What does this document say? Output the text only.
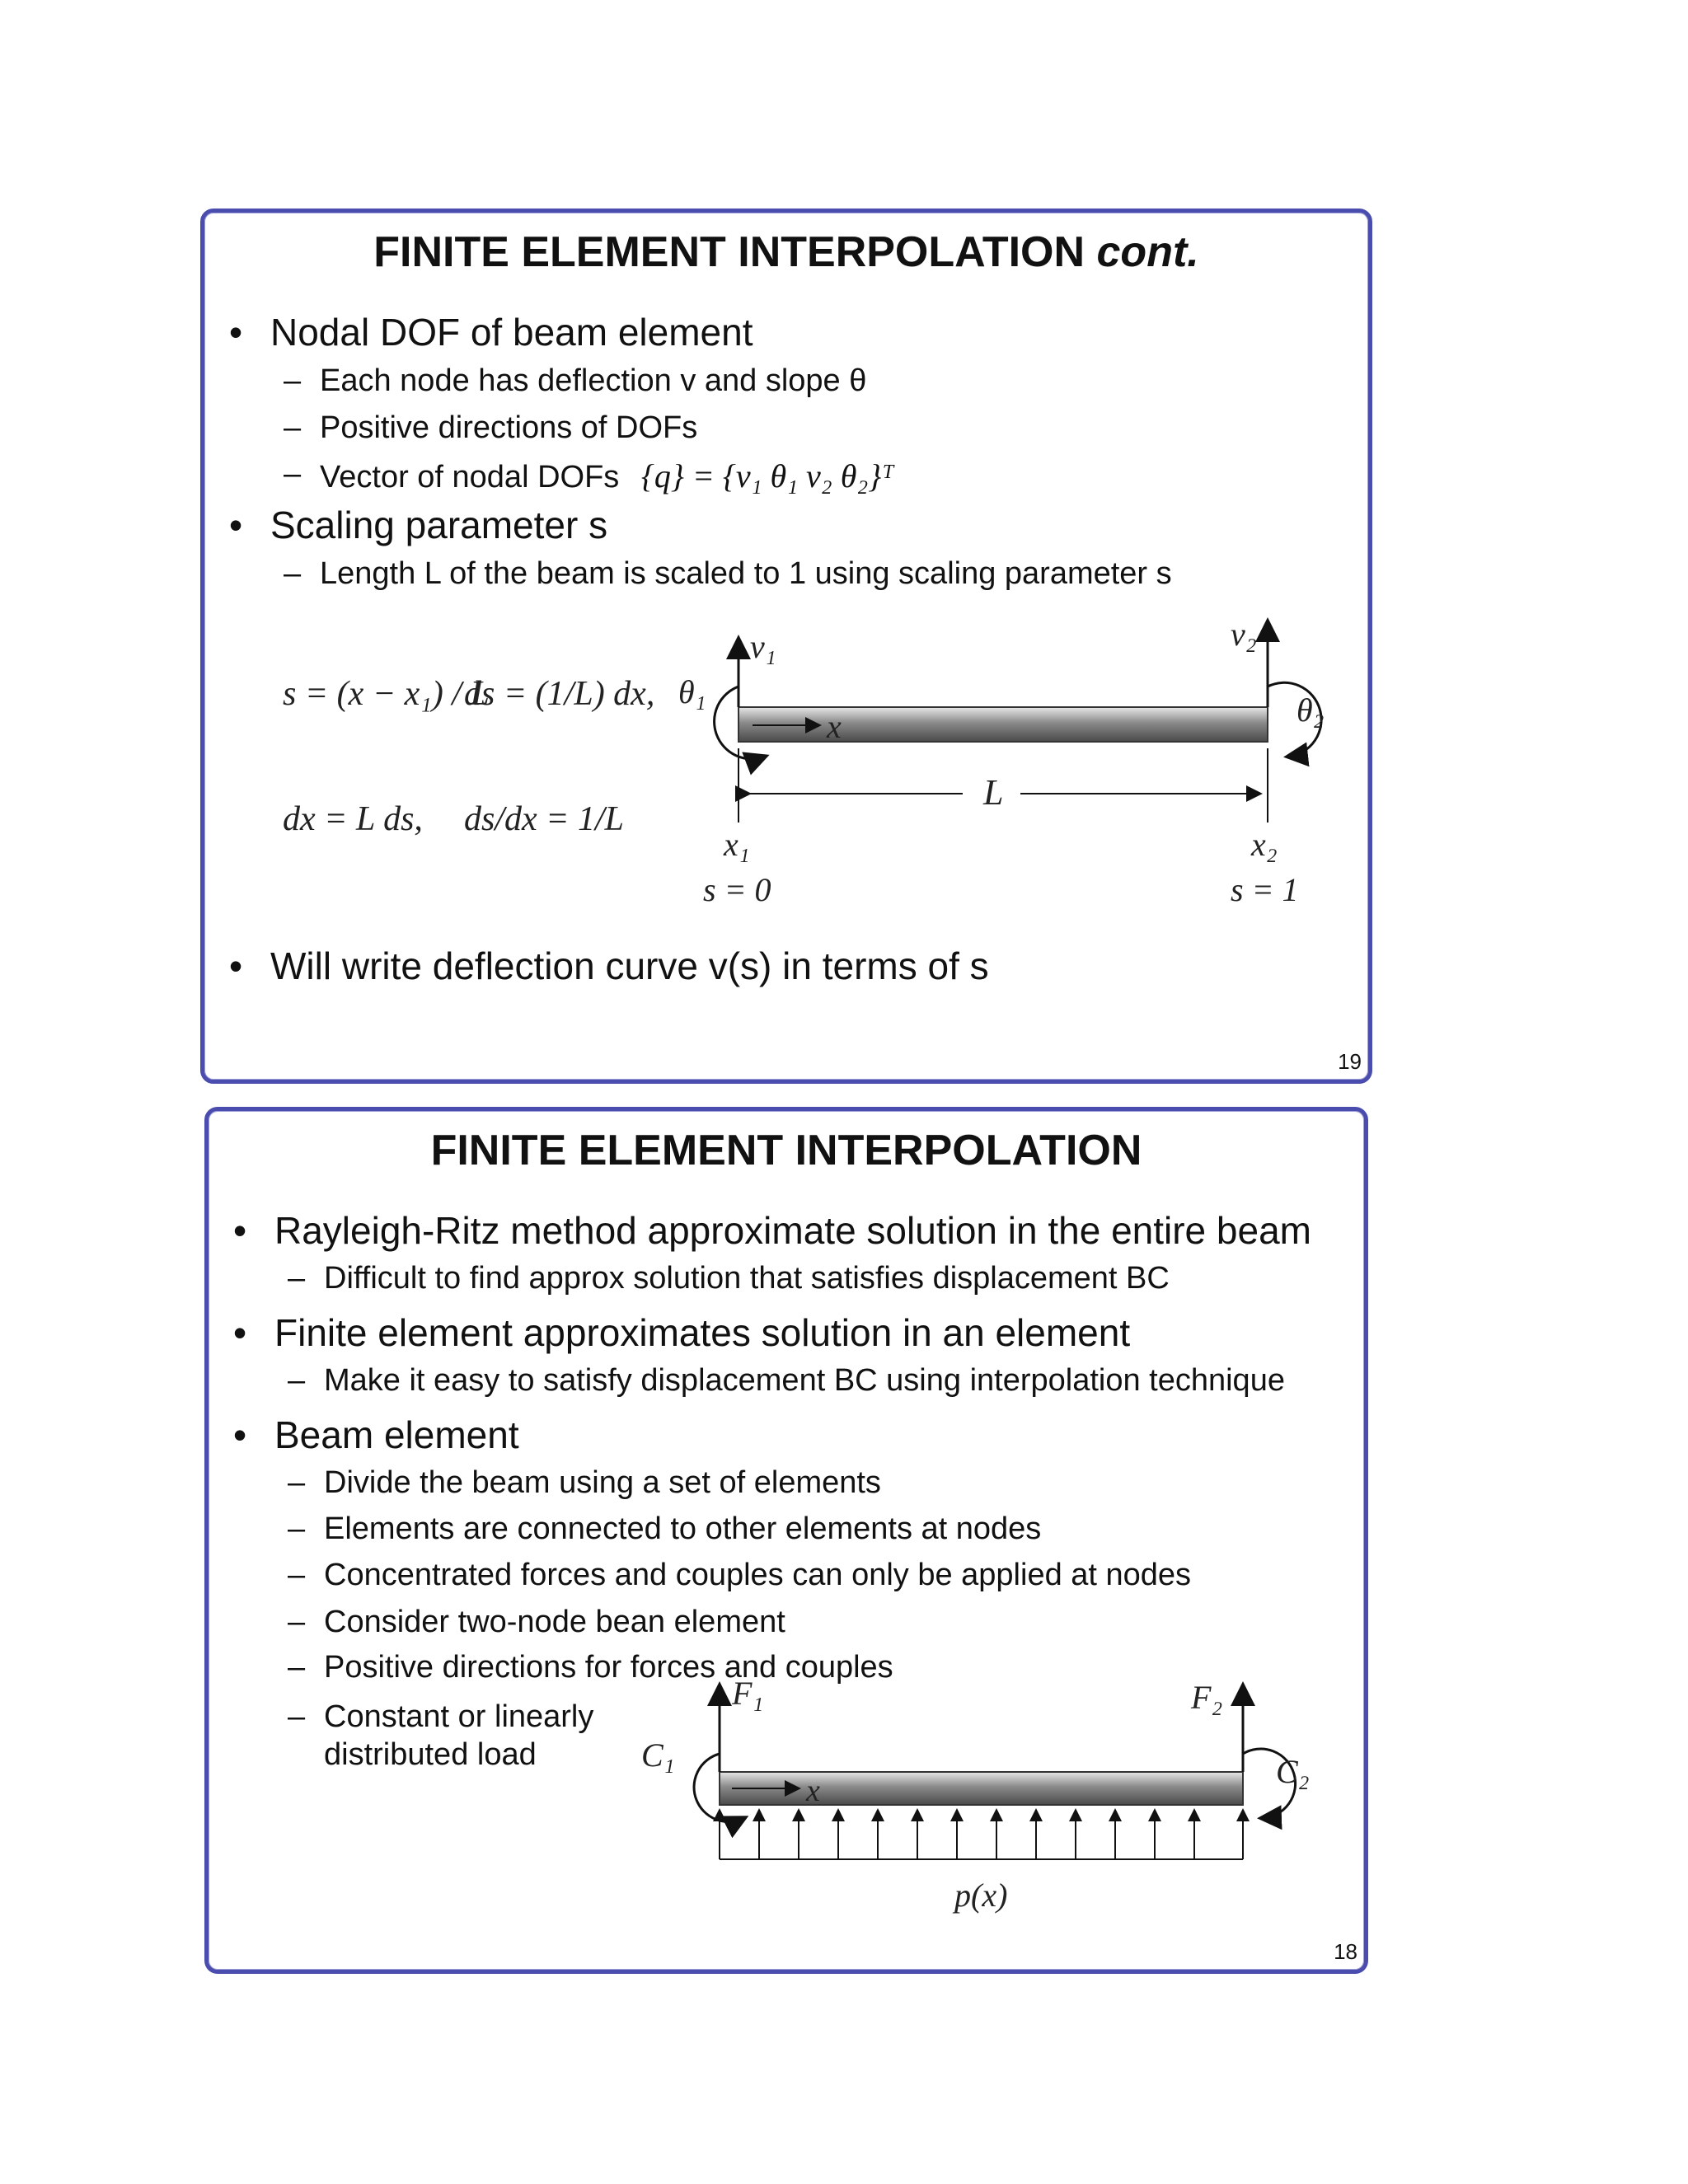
FINITE ELEMENT INTERPOLATION cont.
• Nodal DOF of beam element
– Each node has deflection v and slope θ
– Positive directions of DOFs
– Vector of nodal DOFs {q} = {v₁ θ₁ v₂ θ₂}ᵀ
• Scaling parameter s
– Length L of the beam is scaled to 1 using scaling parameter s
s = (x − x₁) / L
ds = (1/L) dx,
dx = L ds, ds/dx = 1/L
v₁	v₂
θ₁	θ₂
x
L
x₁	x₂
s = 0	s = 1
• Will write deflection curve v(s) in terms of s
19
FINITE ELEMENT INTERPOLATION
• Rayleigh-Ritz method approximate solution in the entire beam
– Difficult to find approx solution that satisfies displacement BC
• Finite element approximates solution in an element
– Make it easy to satisfy displacement BC using interpolation technique
• Beam element
– Divide the beam using a set of elements
– Elements are connected to other elements at nodes
– Concentrated forces and couples can only be applied at nodes
– Consider two-node bean element
– Positive directions for forces and couples
– Constant or linearly distributed load
F₁	F₂
C₁	C₂
x
p(x)
18
